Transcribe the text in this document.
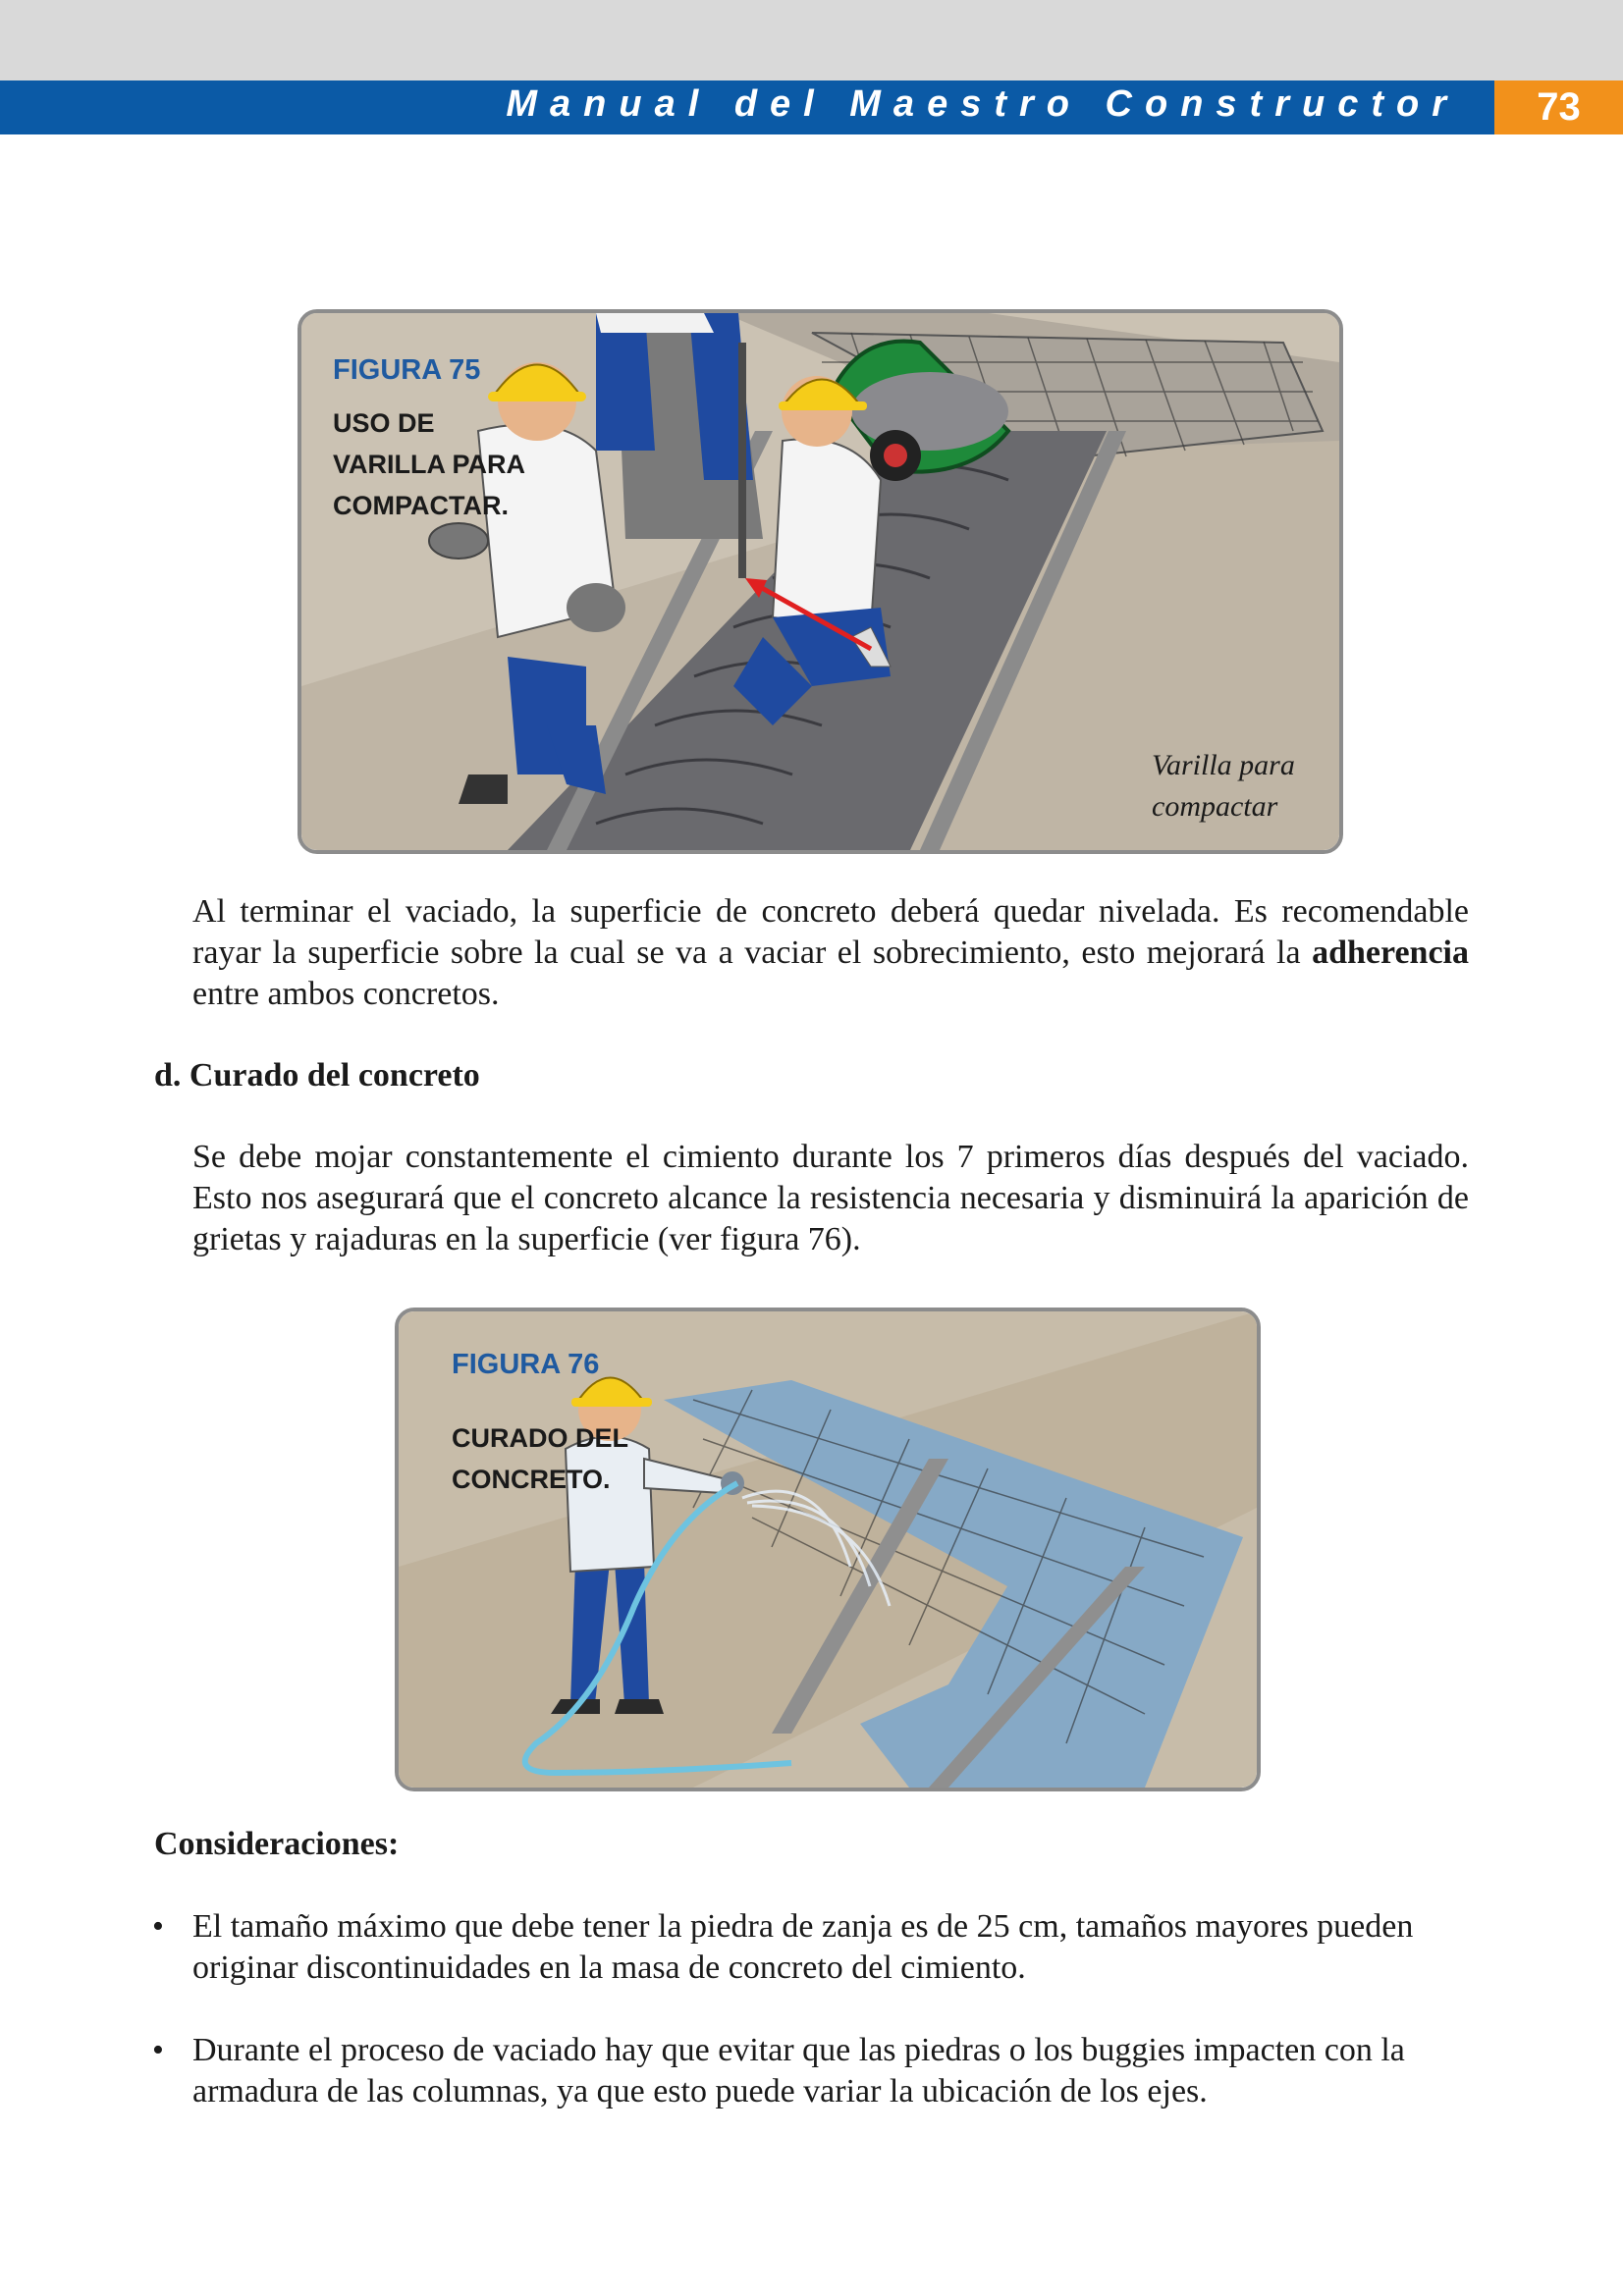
Manual del Maestro Constructor	73
FIGURA 75
USO DE
VARILLA PARA
COMPACTAR.
Varilla para
compactar
Al terminar el vaciado, la superficie de concreto deberá quedar nivelada. Es recomendable rayar la superficie sobre la cual se va a vaciar el sobrecimiento, esto mejorará la adherencia entre ambos concretos.
d. Curado del concreto
Se debe mojar constantemente el cimiento durante los 7 primeros días después del vaciado. Esto nos asegurará que el concreto alcance la resistencia necesaria y disminuirá la aparición de grietas y rajaduras en la superficie (ver figura 76).
FIGURA 76
CURADO DEL
CONCRETO.
Consideraciones:
• El tamaño máximo que debe tener la piedra de zanja es de 25 cm, tamaños mayores pueden originar discontinuidades en la masa de concreto del cimiento.
• Durante el proceso de vaciado hay que evitar que las piedras o los buggies impacten con la armadura de las columnas, ya que esto puede variar la ubicación de los ejes.
